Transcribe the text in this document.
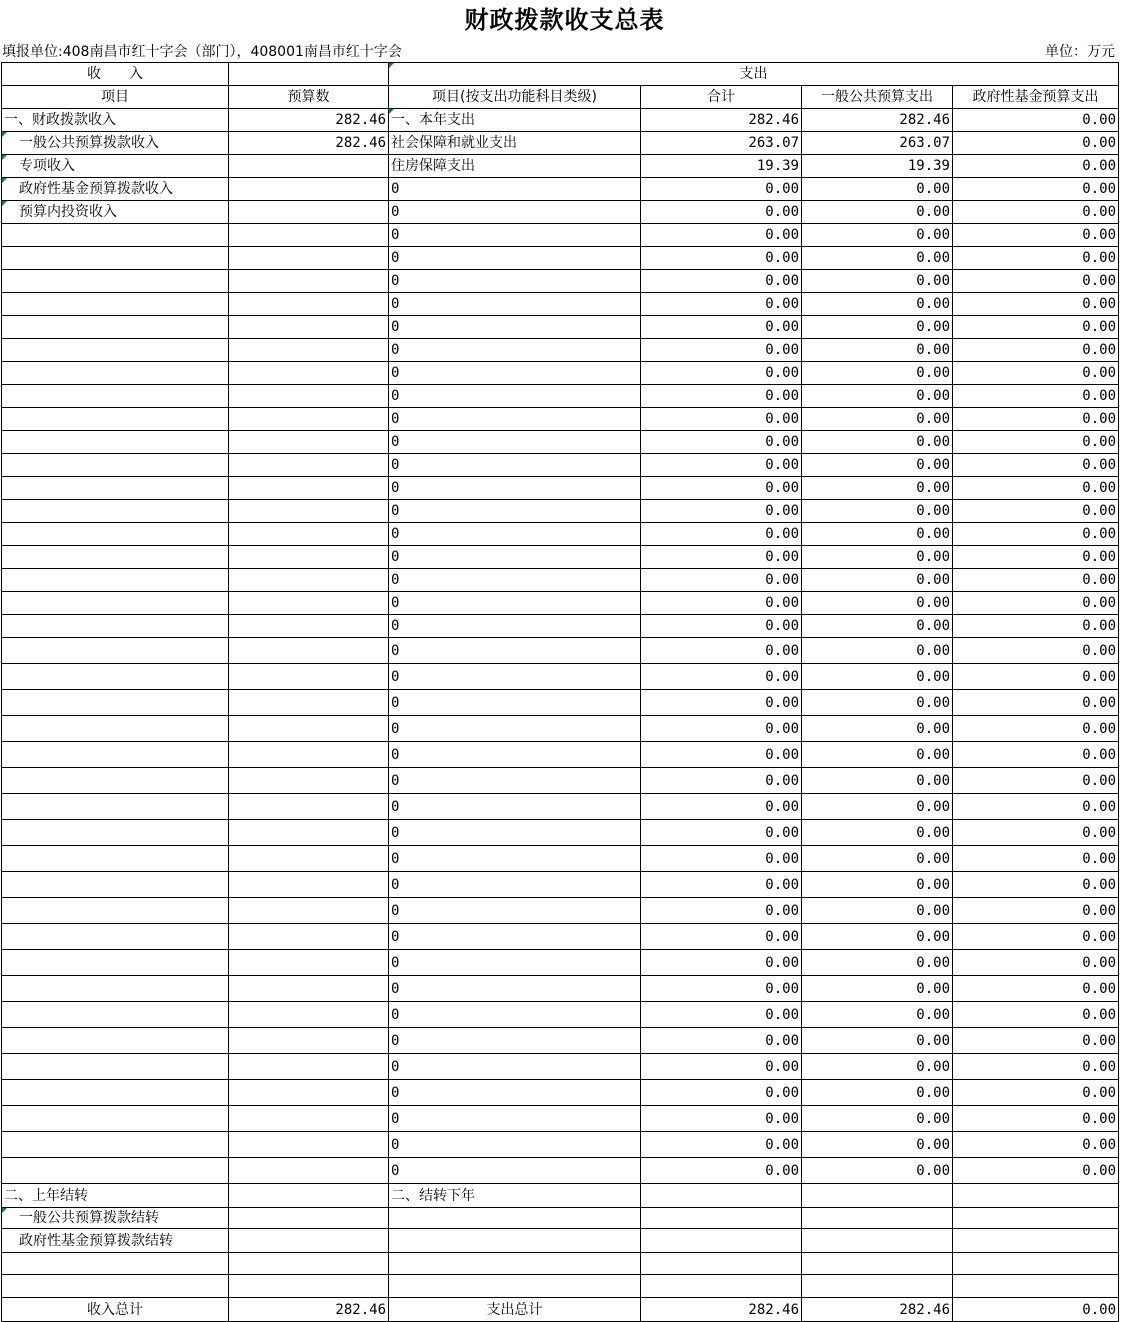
财政拨款收支总表
填报单位:408南昌市红十字会（部门），408001南昌市红十字会	单位：万元
收　　入		支出			
项目	预算数	项目(按支出功能科目类级)	合计	一般公共预算支出	政府性基金预算支出
一、财政拨款收入	282.46	一、本年支出	282.46	282.46	0.00
一般公共预算拨款收入	282.46	社会保障和就业支出	263.07	263.07	0.00
专项收入		住房保障支出	19.39	19.39	0.00
政府性基金预算拨款收入		0	0.00	0.00	0.00
预算内投资收入		0	0.00	0.00	0.00
		0	0.00	0.00	0.00
		0	0.00	0.00	0.00
		0	0.00	0.00	0.00
		0	0.00	0.00	0.00
		0	0.00	0.00	0.00
		0	0.00	0.00	0.00
		0	0.00	0.00	0.00
		0	0.00	0.00	0.00
		0	0.00	0.00	0.00
		0	0.00	0.00	0.00
		0	0.00	0.00	0.00
		0	0.00	0.00	0.00
		0	0.00	0.00	0.00
		0	0.00	0.00	0.00
		0	0.00	0.00	0.00
		0	0.00	0.00	0.00
		0	0.00	0.00	0.00
		0	0.00	0.00	0.00
		0	0.00	0.00	0.00
		0	0.00	0.00	0.00
		0	0.00	0.00	0.00
		0	0.00	0.00	0.00
		0	0.00	0.00	0.00
		0	0.00	0.00	0.00
		0	0.00	0.00	0.00
		0	0.00	0.00	0.00
		0	0.00	0.00	0.00
		0	0.00	0.00	0.00
		0	0.00	0.00	0.00
		0	0.00	0.00	0.00
		0	0.00	0.00	0.00
		0	0.00	0.00	0.00
		0	0.00	0.00	0.00
		0	0.00	0.00	0.00
		0	0.00	0.00	0.00
		0	0.00	0.00	0.00
		0	0.00	0.00	0.00
		0	0.00	0.00	0.00
		0	0.00	0.00	0.00
二、上年结转		二、结转下年			
一般公共预算拨款结转					
政府性基金预算拨款结转					

收入总计	282.46	支出总计	282.46	282.46	0.00
